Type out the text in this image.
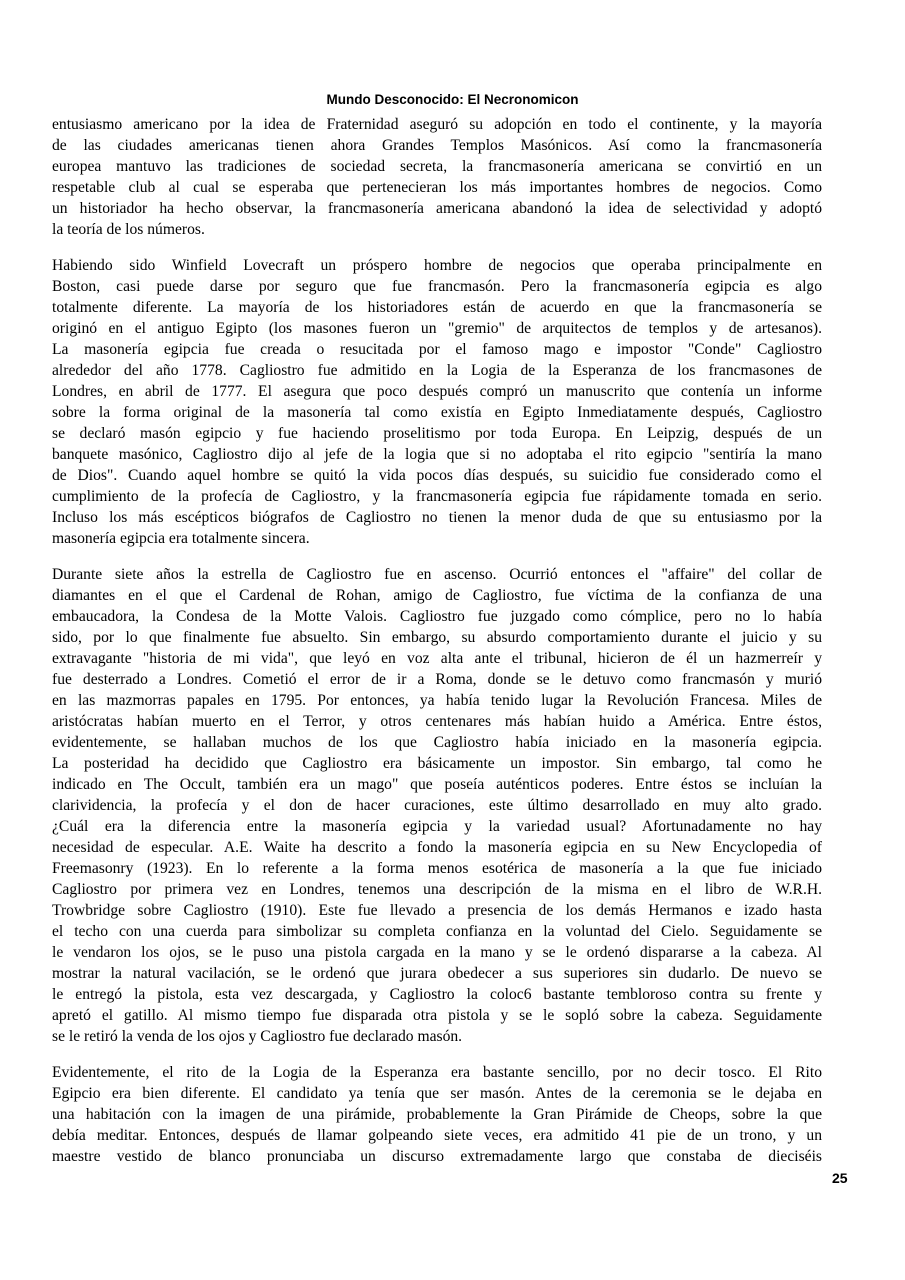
Mundo Desconocido: El Necronomicon
entusiasmo americano por la idea de Fraternidad aseguró su adopción en todo el continente, y la mayoría
de las ciudades americanas tienen ahora Grandes Templos Masónicos. Así como la francmasonería
europea mantuvo las tradiciones de sociedad secreta, la francmasonería americana se convirtió en un
respetable club al cual se esperaba que pertenecieran los más importantes hombres de negocios. Como
un historiador ha hecho observar, la francmasonería americana abandonó la idea de selectividad y adoptó
la teoría de los números.
Habiendo sido Winfield Lovecraft un próspero hombre de negocios que operaba principalmente en
Boston, casi puede darse por seguro que fue francmasón. Pero la francmasonería egipcia es algo
totalmente diferente. La mayoría de los historiadores están de acuerdo en que la francmasonería se
originó en el antiguo Egipto (los masones fueron un "gremio" de arquitectos de templos y de artesanos).
La masonería egipcia fue creada o resucitada por el famoso mago e impostor "Conde" Cagliostro
alrededor del año 1778. Cagliostro fue admitido en la Logia de la Esperanza de los francmasones de
Londres, en abril de 1777. El asegura que poco después compró un manuscrito que contenía un informe
sobre la forma original de la masonería tal como existía en Egipto Inmediatamente después, Cagliostro
se declaró masón egipcio y fue haciendo proselitismo por toda Europa. En Leipzig, después de un
banquete masónico, Cagliostro dijo al jefe de la logia que si no adoptaba el rito egipcio "sentiría la mano
de Dios". Cuando aquel hombre se quitó la vida pocos días después, su suicidio fue considerado como el
cumplimiento de la profecía de Cagliostro, y la francmasonería egipcia fue rápidamente tomada en serio.
Incluso los más escépticos biógrafos de Cagliostro no tienen la menor duda de que su entusiasmo por la
masonería egipcia era totalmente sincera.
Durante siete años la estrella de Cagliostro fue en ascenso. Ocurrió entonces el "affaire" del collar de
diamantes en el que el Cardenal de Rohan, amigo de Cagliostro, fue víctima de la confianza de una
embaucadora, la Condesa de la Motte Valois. Cagliostro fue juzgado como cómplice, pero no lo había
sido, por lo que finalmente fue absuelto. Sin embargo, su absurdo comportamiento durante el juicio y su
extravagante "historia de mi vida", que leyó en voz alta ante el tribunal, hicieron de él un hazmerreír y
fue desterrado a Londres. Cometió el error de ir a Roma, donde se le detuvo como francmasón y murió
en las mazmorras papales en 1795. Por entonces, ya había tenido lugar la Revolución Francesa. Miles de
aristócratas habían muerto en el Terror, y otros centenares más habían huido a América. Entre éstos,
evidentemente, se hallaban muchos de los que Cagliostro había iniciado en la masonería egipcia.
La posteridad ha decidido que Cagliostro era básicamente un impostor. Sin embargo, tal como he
indicado en The Occult, también era un mago" que poseía auténticos poderes. Entre éstos se incluían la
clarividencia, la profecía y el don de hacer curaciones, este último desarrollado en muy alto grado.
¿Cuál era la diferencia entre la masonería egipcia y la variedad usual? Afortunadamente no hay
necesidad de especular. A.E. Waite ha descrito a fondo la masonería egipcia en su New Encyclopedia of
Freemasonry (1923). En lo referente a la forma menos esotérica de masonería a la que fue iniciado
Cagliostro por primera vez en Londres, tenemos una descripción de la misma en el libro de W.R.H.
Trowbridge sobre Cagliostro (1910). Este fue llevado a presencia de los demás Hermanos e izado hasta
el techo con una cuerda para simbolizar su completa confianza en la voluntad del Cielo. Seguidamente se
le vendaron los ojos, se le puso una pistola cargada en la mano y se le ordenó dispararse a la cabeza. Al
mostrar la natural vacilación, se le ordenó que jurara obedecer a sus superiores sin dudarlo. De nuevo se
le entregó la pistola, esta vez descargada, y Cagliostro la coloc6 bastante tembloroso contra su frente y
apretó el gatillo. Al mismo tiempo fue disparada otra pistola y se le sopló sobre la cabeza. Seguidamente
se le retiró la venda de los ojos y Cagliostro fue declarado masón.
Evidentemente, el rito de la Logia de la Esperanza era bastante sencillo, por no decir tosco. El Rito
Egipcio era bien diferente. El candidato ya tenía que ser masón. Antes de la ceremonia se le dejaba en
una habitación con la imagen de una pirámide, probablemente la Gran Pirámide de Cheops, sobre la que
debía meditar. Entonces, después de llamar golpeando siete veces, era admitido 41 pie de un trono, y un
maestre vestido de blanco pronunciaba un discurso extremadamente largo que constaba de dieciséis
25
